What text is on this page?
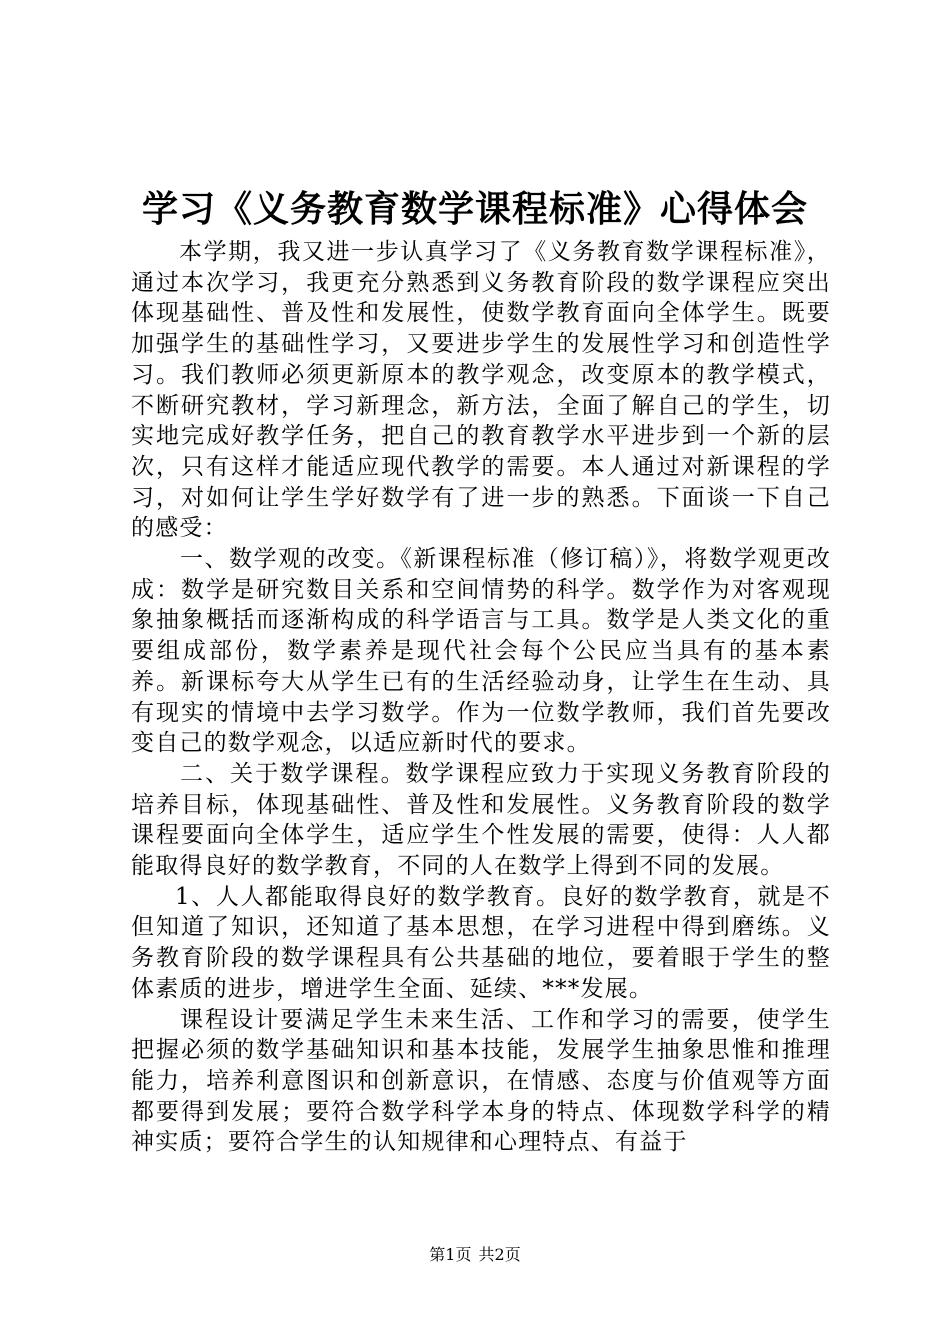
学习《义务教育数学课程标准》心得体会

本学期，我又进一步认真学习了《义务教育数学课程标准》，通过本次学习，我更充分熟悉到义务教育阶段的数学课程应突出体现基础性、普及性和发展性，使数学教育面向全体学生。既要加强学生的基础性学习，又要进步学生的发展性学习和创造性学习。我们教师必须更新原本的教学观念，改变原本的教学模式，不断研究教材，学习新理念，新方法，全面了解自己的学生，切实地完成好教学任务，把自己的教育教学水平进步到一个新的层次，只有这样才能适应现代教学的需要。本人通过对新课程的学习，对如何让学生学好数学有了进一步的熟悉。下面谈一下自己的感受：

一、数学观的改变。《新课程标准（修订稿）》，将数学观更改成：数学是研究数目关系和空间情势的科学。数学作为对客观现象抽象概括而逐渐构成的科学语言与工具。数学是人类文化的重要组成部份，数学素养是现代社会每个公民应当具有的基本素养。新课标夸大从学生已有的生活经验动身，让学生在生动、具有现实的情境中去学习数学。作为一位数学教师，我们首先要改变自己的数学观念，以适应新时代的要求。

二、关于数学课程。数学课程应致力于实现义务教育阶段的培养目标，体现基础性、普及性和发展性。义务教育阶段的数学课程要面向全体学生，适应学生个性发展的需要，使得：人人都能取得良好的数学教育，不同的人在数学上得到不同的发展。

1、人人都能取得良好的数学教育。良好的数学教育，就是不但知道了知识，还知道了基本思想，在学习进程中得到磨练。义务教育阶段的数学课程具有公共基础的地位，要着眼于学生的整体素质的进步，增进学生全面、延续、***发展。

课程设计要满足学生未来生活、工作和学习的需要，使学生把握必须的数学基础知识和基本技能，发展学生抽象思惟和推理能力，培养利意图识和创新意识，在情感、态度与价值观等方面都要得到发展；要符合数学科学本身的特点、体现数学科学的精神实质；要符合学生的认知规律和心理特点、有益于

第1页 共2页
